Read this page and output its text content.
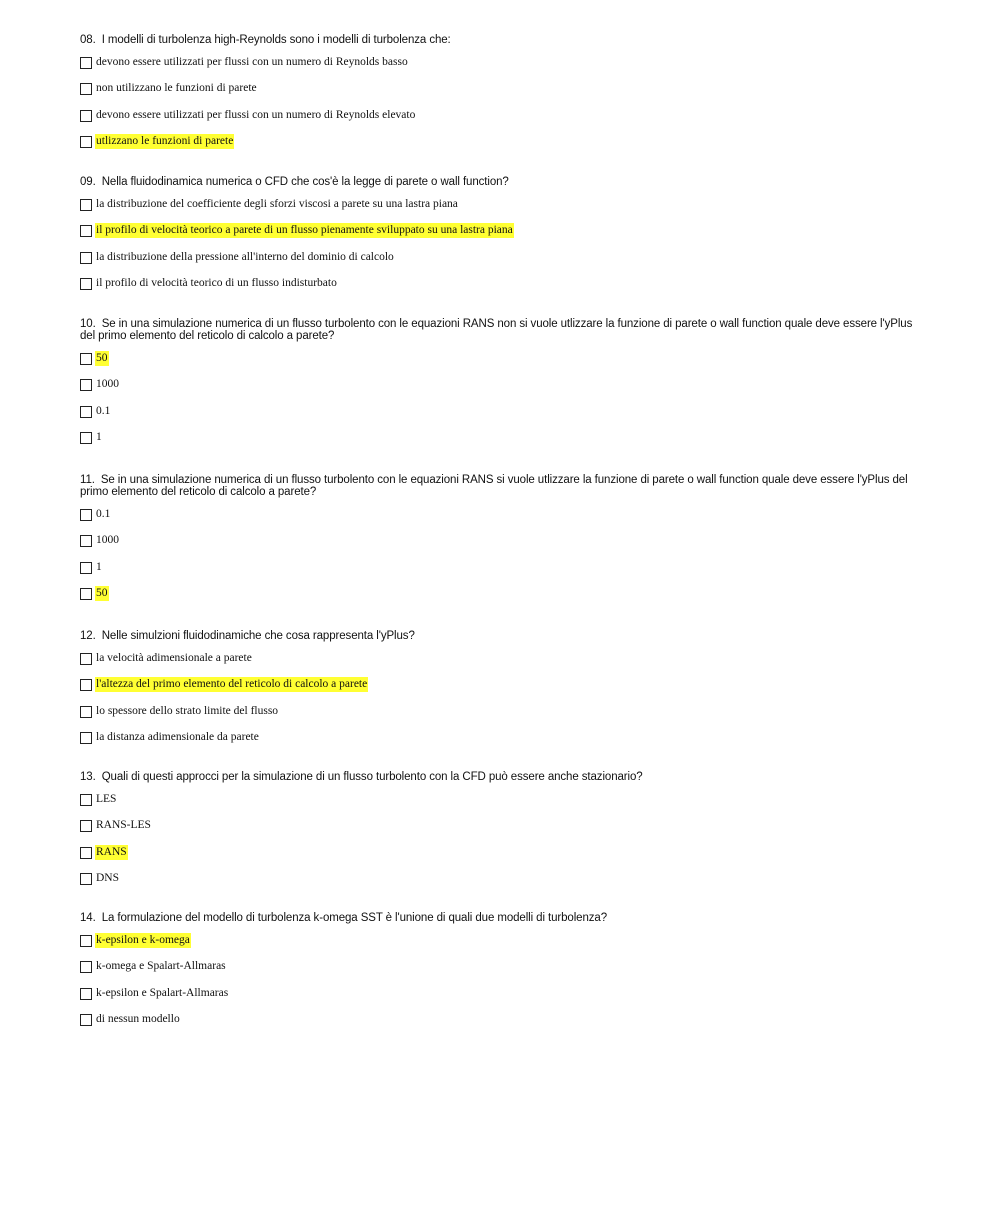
08. I modelli di turbolenza high-Reynolds sono i modelli di turbolenza che:

devono essere utilizzati per flussi con un numero di Reynolds basso
non utilizzano le funzioni di parete
devono essere utilizzati per flussi con un numero di Reynolds elevato
utlizzano le funzioni di parete

09. Nella fluidodinamica numerica o CFD che cos'è la legge di parete o wall function?

la distribuzione del coefficiente degli sforzi viscosi a parete su una lastra piana
il profilo di velocità teorico a parete di un flusso pienamente sviluppato su una lastra piana
la distribuzione della pressione all'interno del dominio di calcolo
il profilo di velocità teorico di un flusso indisturbato

10. Se in una simulazione numerica di un flusso turbolento con le equazioni RANS non si vuole utlizzare la funzione di parete o wall function quale deve essere l'yPlus del primo elemento del reticolo di calcolo a parete?

50
1000
0.1
1

11. Se in una simulazione numerica di un flusso turbolento con le equazioni RANS si vuole utlizzare la funzione di parete o wall function quale deve essere l'yPlus del primo elemento del reticolo di calcolo a parete?

0.1
1000
1
50

12. Nelle simulzioni fluidodinamiche che cosa rappresenta l'yPlus?

la velocità adimensionale a parete
l'altezza del primo elemento del reticolo di calcolo a parete
lo spessore dello strato limite del flusso
la distanza adimensionale da parete

13. Quali di questi approcci per la simulazione di un flusso turbolento con la CFD può essere anche stazionario?

LES
RANS-LES
RANS
DNS

14. La formulazione del modello di turbolenza k-omega SST è l'unione di quali due modelli di turbolenza?

k-epsilon e k-omega
k-omega e Spalart-Allmaras
k-epsilon e Spalart-Allmaras
di nessun modello
